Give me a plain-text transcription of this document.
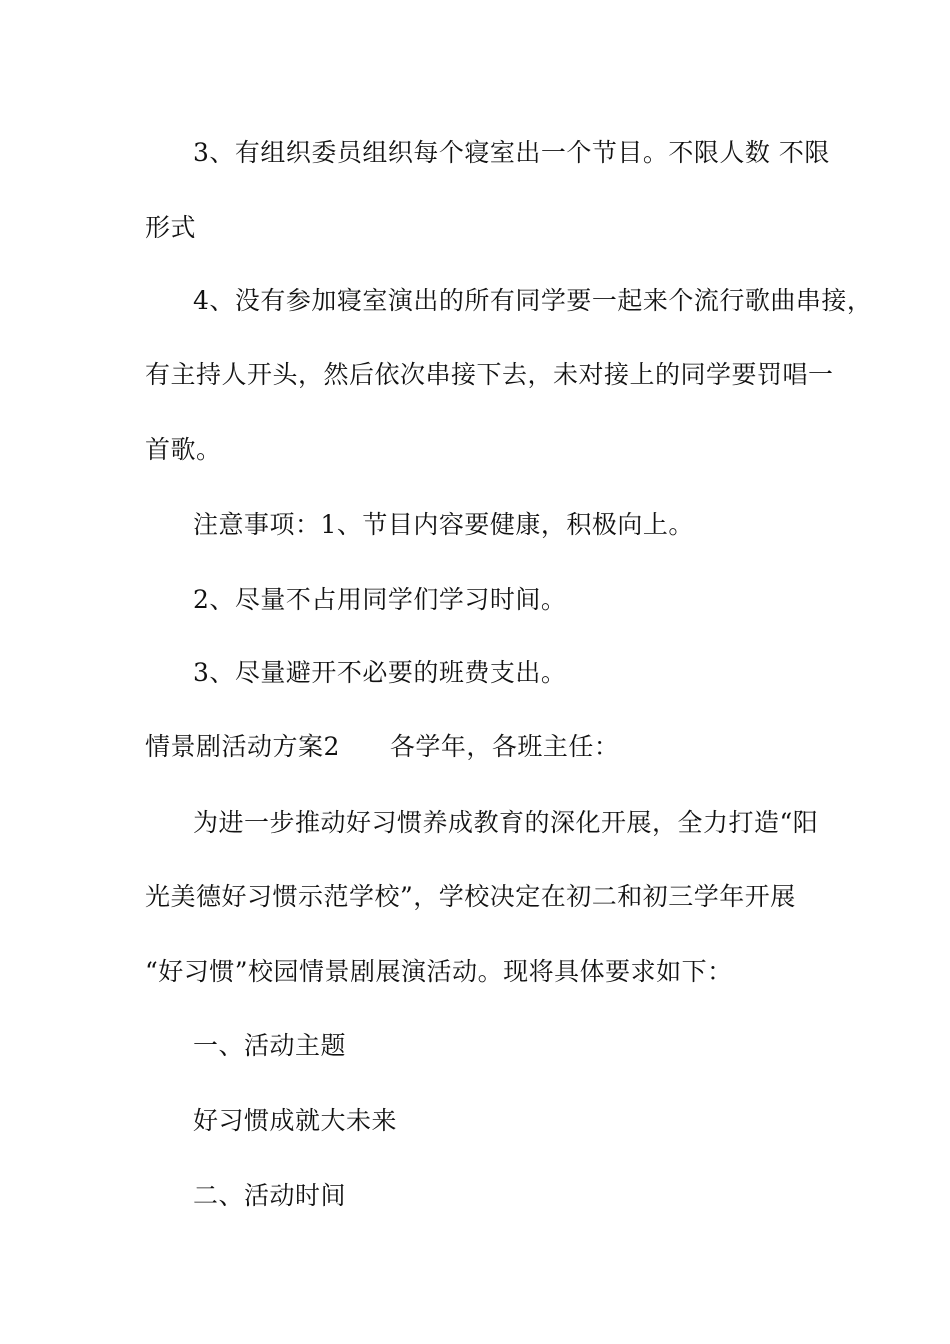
3、有组织委员组织每个寝室出一个节目。不限人数 不限
形式
4、没有参加寝室演出的所有同学要一起来个流行歌曲串接，
有主持人开头，然后依次串接下去，未对接上的同学要罚唱一
首歌。
注意事项：1、节目内容要健康，积极向上。
2、尽量不占用同学们学习时间。
3、尽量避开不必要的班费支出。
情景剧活动方案2 各学年，各班主任：
为进一步推动好习惯养成教育的深化开展，全力打造“阳
光美德好习惯示范学校”，学校决定在初二和初三学年开展
“好习惯”校园情景剧展演活动。现将具体要求如下：
一、活动主题
好习惯成就大未来
二、活动时间
